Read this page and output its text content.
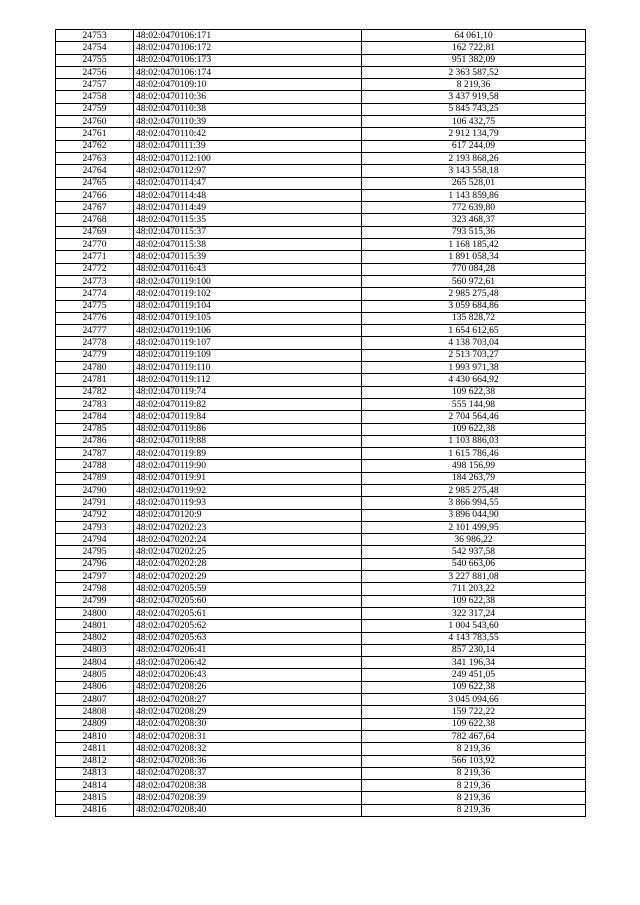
24753	48:02:0470106:171	64 061,10
24754	48:02:0470106:172	162 722,81
24755	48:02:0470106:173	951 382,09
24756	48:02:0470106:174	2 363 587,52
24757	48:02:0470109:10	8 219,36
24758	48:02:0470110:36	3 437 919,58
24759	48:02:0470110:38	5 845 743,25
24760	48:02:0470110:39	106 432,75
24761	48:02:0470110:42	2 912 134,79
24762	48:02:0470111:39	617 244,09
24763	48:02:0470112:100	2 193 868,26
24764	48:02:0470112:97	3 143 558,18
24765	48:02:0470114:47	265 528,01
24766	48:02:0470114:48	1 143 859,86
24767	48:02:0470114:49	772 639,80
24768	48:02:0470115:35	323 468,37
24769	48:02:0470115:37	793 515,36
24770	48:02:0470115:38	1 168 185,42
24771	48:02:0470115:39	1 891 058,34
24772	48:02:0470116:43	770 084,28
24773	48:02:0470119:100	560 972,61
24774	48:02:0470119:102	2 985 275,48
24775	48:02:0470119:104	3 059 684,86
24776	48:02:0470119:105	135 828,72
24777	48:02:0470119:106	1 654 612,65
24778	48:02:0470119:107	4 138 703,04
24779	48:02:0470119:109	2 513 703,27
24780	48:02:0470119:110	1 993 971,38
24781	48:02:0470119:112	4 430 664,92
24782	48:02:0470119:74	109 622,38
24783	48:02:0470119:82	555 144,98
24784	48:02:0470119:84	2 704 564,46
24785	48:02:0470119:86	109 622,38
24786	48:02:0470119:88	1 103 886,03
24787	48:02:0470119:89	1 615 786,46
24788	48:02:0470119:90	498 156,99
24789	48:02:0470119:91	184 263,79
24790	48:02:0470119:92	2 985 275,48
24791	48:02:0470119:93	3 866 994,55
24792	48:02:0470120:9	3 896 044,90
24793	48:02:0470202:23	2 101 499,95
24794	48:02:0470202:24	36 986,22
24795	48:02:0470202:25	542 937,58
24796	48:02:0470202:28	540 663,06
24797	48:02:0470202:29	3 227 881,08
24798	48:02:0470205:59	711 203,22
24799	48:02:0470205:60	109 622,38
24800	48:02:0470205:61	322 317,24
24801	48:02:0470205:62	1 004 543,60
24802	48:02:0470205:63	4 143 783,55
24803	48:02:0470206:41	857 230,14
24804	48:02:0470206:42	341 196,34
24805	48:02:0470206:43	249 451,05
24806	48:02:0470208:26	109 622,38
24807	48:02:0470208:27	3 045 094,66
24808	48:02:0470208:29	159 722,22
24809	48:02:0470208:30	109 622,38
24810	48:02:0470208:31	782 467,64
24811	48:02:0470208:32	8 219,36
24812	48:02:0470208:36	566 103,92
24813	48:02:0470208:37	8 219,36
24814	48:02:0470208:38	8 219,36
24815	48:02:0470208:39	8 219,36
24816	48:02:0470208:40	8 219,36
